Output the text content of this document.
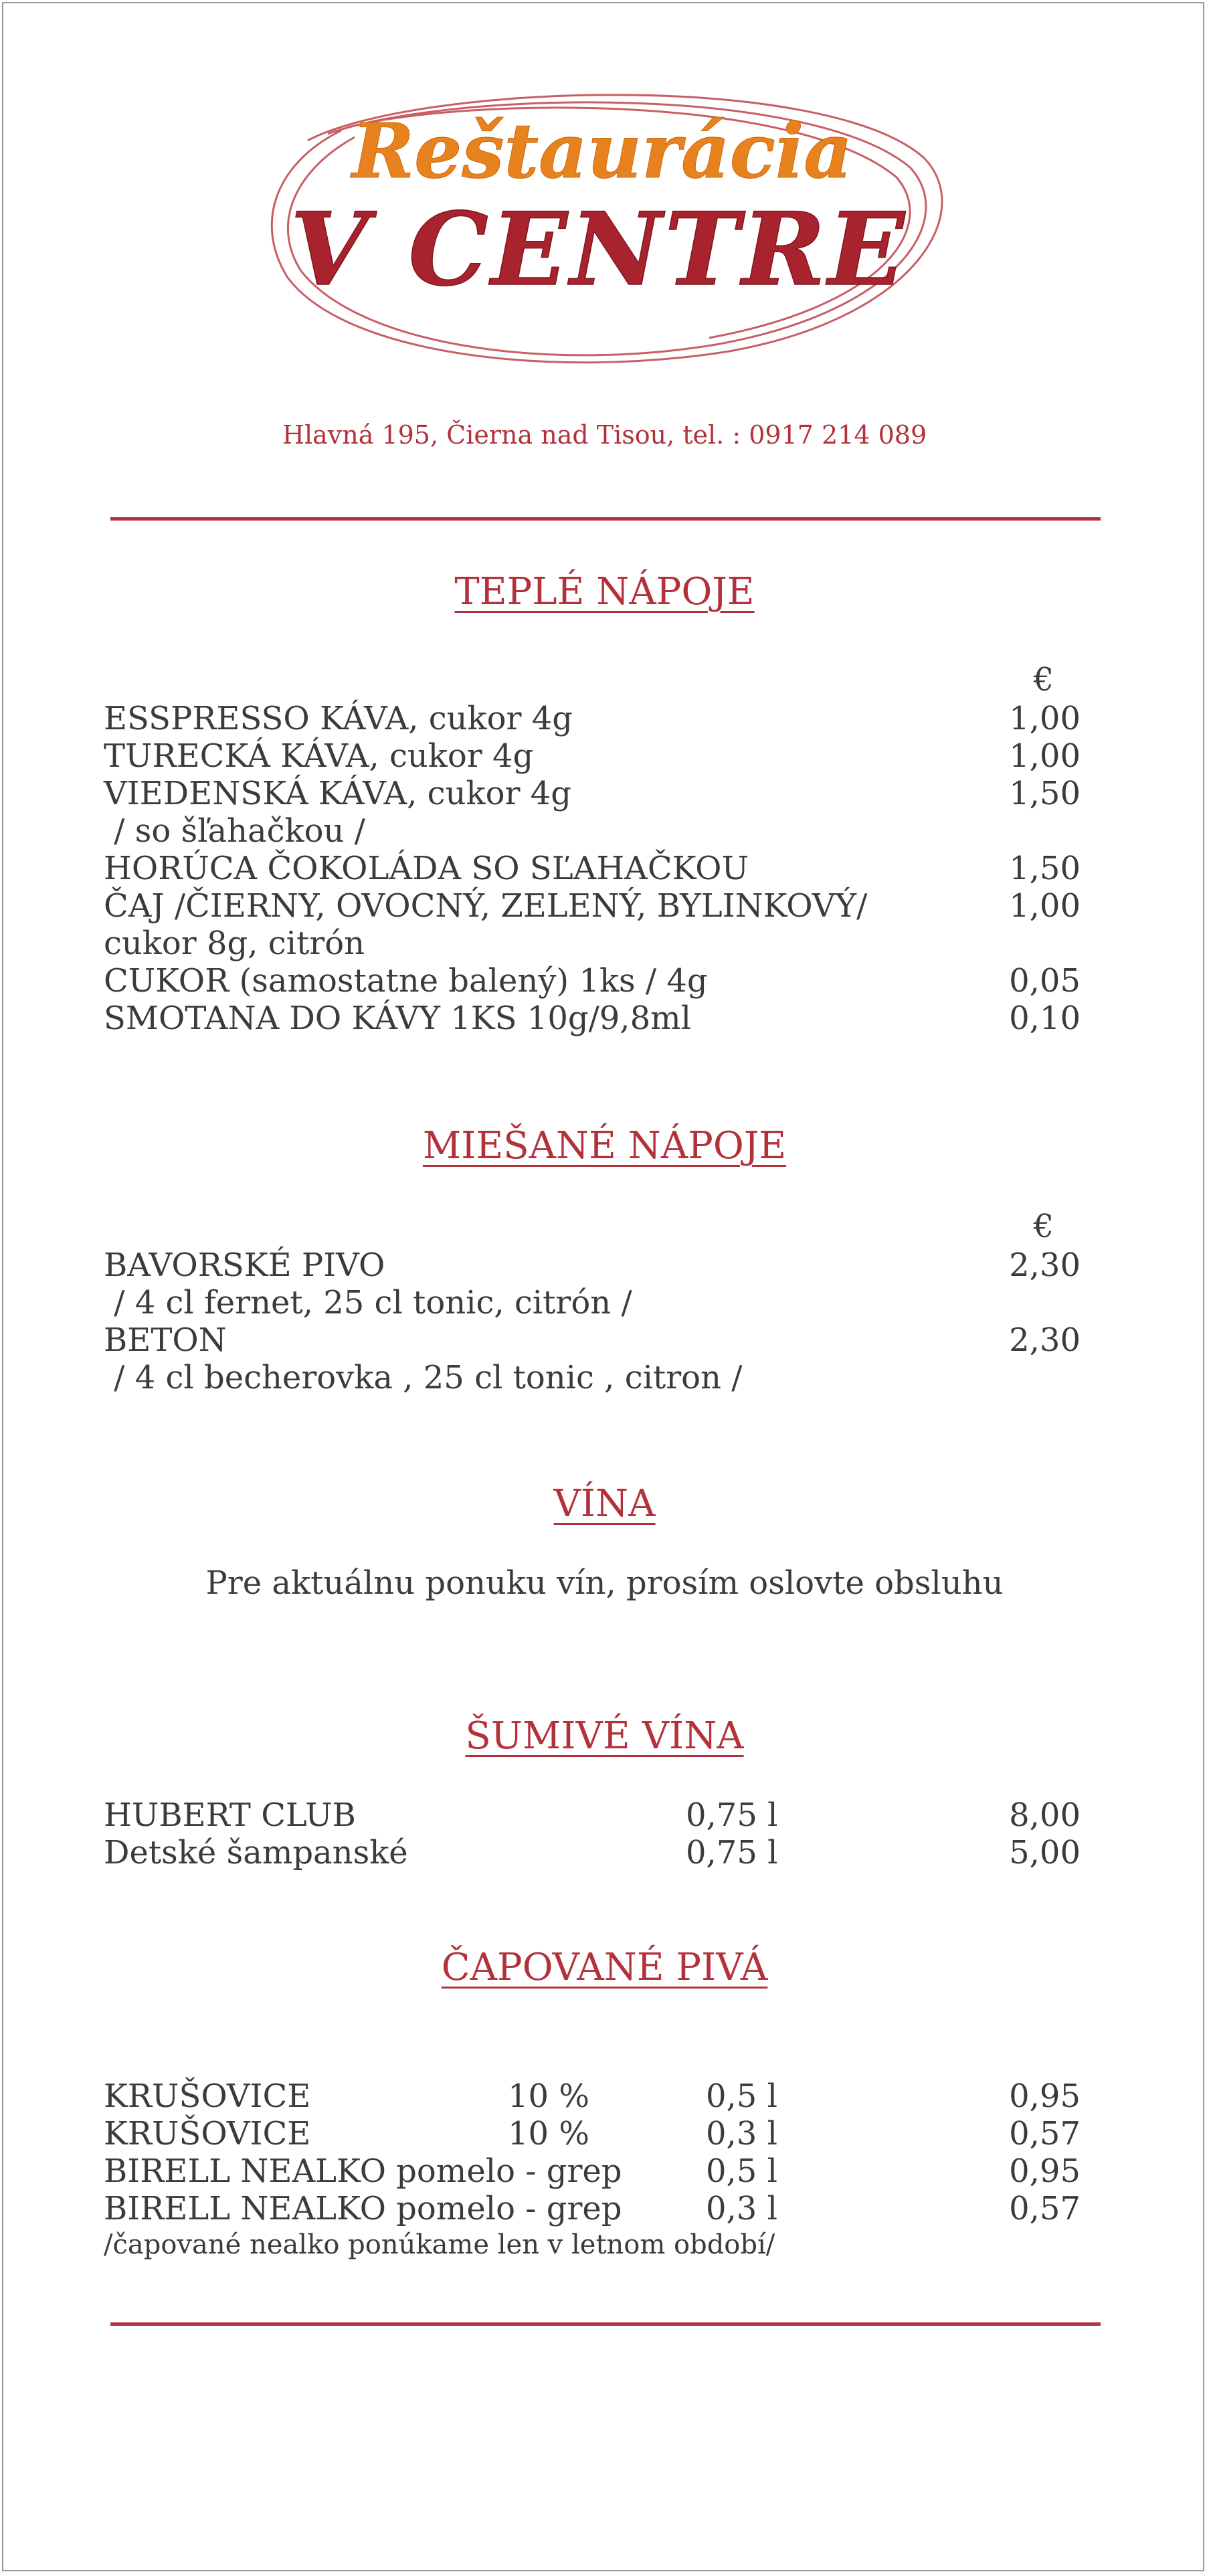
Reštaurácia
V CENTRE
Hlavná 195, Čierna nad Tisou, tel. : 0917 214 089
TEPLÉ NÁPOJE
€
ESSPRESSO KÁVA, cukor 4g	1,00
TURECKÁ KÁVA, cukor 4g	1,00
VIEDENSKÁ KÁVA, cukor 4g	1,50
/ so šľahačkou /
HORÚCA ČOKOLÁDA SO SĽAHAČKOU	1,50
ČAJ /ČIERNY, OVOCNÝ, ZELENÝ, BYLINKOVÝ/	1,00
cukor 8g, citrón
CUKOR (samostatne balený) 1ks / 4g	0,05
SMOTANA DO KÁVY 1KS 10g/9,8ml	0,10
MIEŠANÉ NÁPOJE
€
BAVORSKÉ PIVO	2,30
/ 4 cl fernet, 25 cl tonic, citrón /
BETON	2,30
/ 4 cl becherovka , 25 cl tonic , citron /
VÍNA
Pre aktuálnu ponuku vín, prosím oslovte obsluhu
ŠUMIVÉ VÍNA
HUBERT CLUB	0,75 l	8,00
Detské šampanské	0,75 l	5,00
ČAPOVANÉ PIVÁ
KRUŠOVICE	10 %	0,5 l	0,95
KRUŠOVICE	10 %	0,3 l	0,57
BIRELL NEALKO pomelo - grep	0,5 l	0,95
BIRELL NEALKO pomelo - grep	0,3 l	0,57
/čapované nealko ponúkame len v letnom období/
